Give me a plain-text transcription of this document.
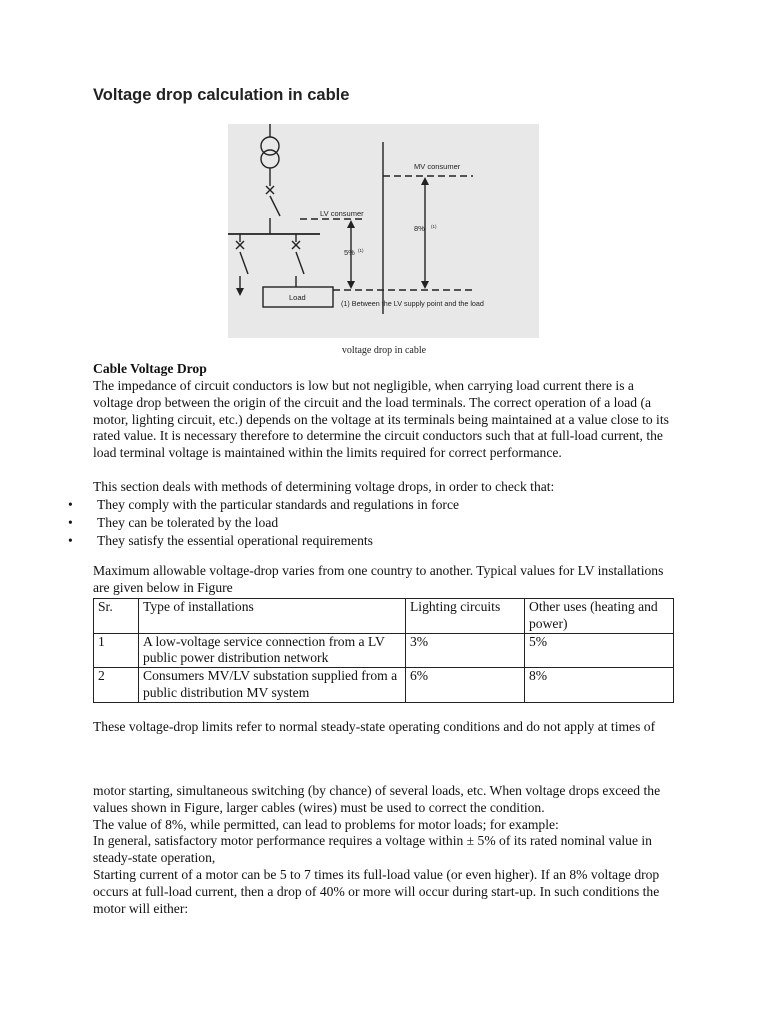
Voltage drop calculation in cable
MV consumer
LV consumer
8% (1)
5% (1)
Load
(1) Between the LV supply point and the load
voltage drop in cable
Cable Voltage Drop
The impedance of circuit conductors is low but not negligible, when carrying load current there is a voltage drop between the origin of the circuit and the load terminals. The correct operation of a load (a motor, lighting circuit, etc.) depends on the voltage at its terminals being maintained at a value close to its rated value. It is necessary therefore to determine the circuit conductors such that at full-load current, the load terminal voltage is maintained within the limits required for correct performance.
This section deals with methods of determining voltage drops, in order to check that:
• They comply with the particular standards and regulations in force
• They can be tolerated by the load
• They satisfy the essential operational requirements
Maximum allowable voltage-drop varies from one country to another. Typical values for LV installations are given below in Figure
Sr.	Type of installations	Lighting circuits	Other uses (heating and power)
1	A low-voltage service connection from a LV public power distribution network	3%	5%
2	Consumers MV/LV substation supplied from a public distribution MV system	6%	8%
These voltage-drop limits refer to normal steady-state operating conditions and do not apply at times of
motor starting, simultaneous switching (by chance) of several loads, etc. When voltage drops exceed the values shown in Figure, larger cables (wires) must be used to correct the condition.
The value of 8%, while permitted, can lead to problems for motor loads; for example:
In general, satisfactory motor performance requires a voltage within ± 5% of its rated nominal value in steady-state operation,
Starting current of a motor can be 5 to 7 times its full-load value (or even higher). If an 8% voltage drop occurs at full-load current, then a drop of 40% or more will occur during start-up. In such conditions the motor will either:
